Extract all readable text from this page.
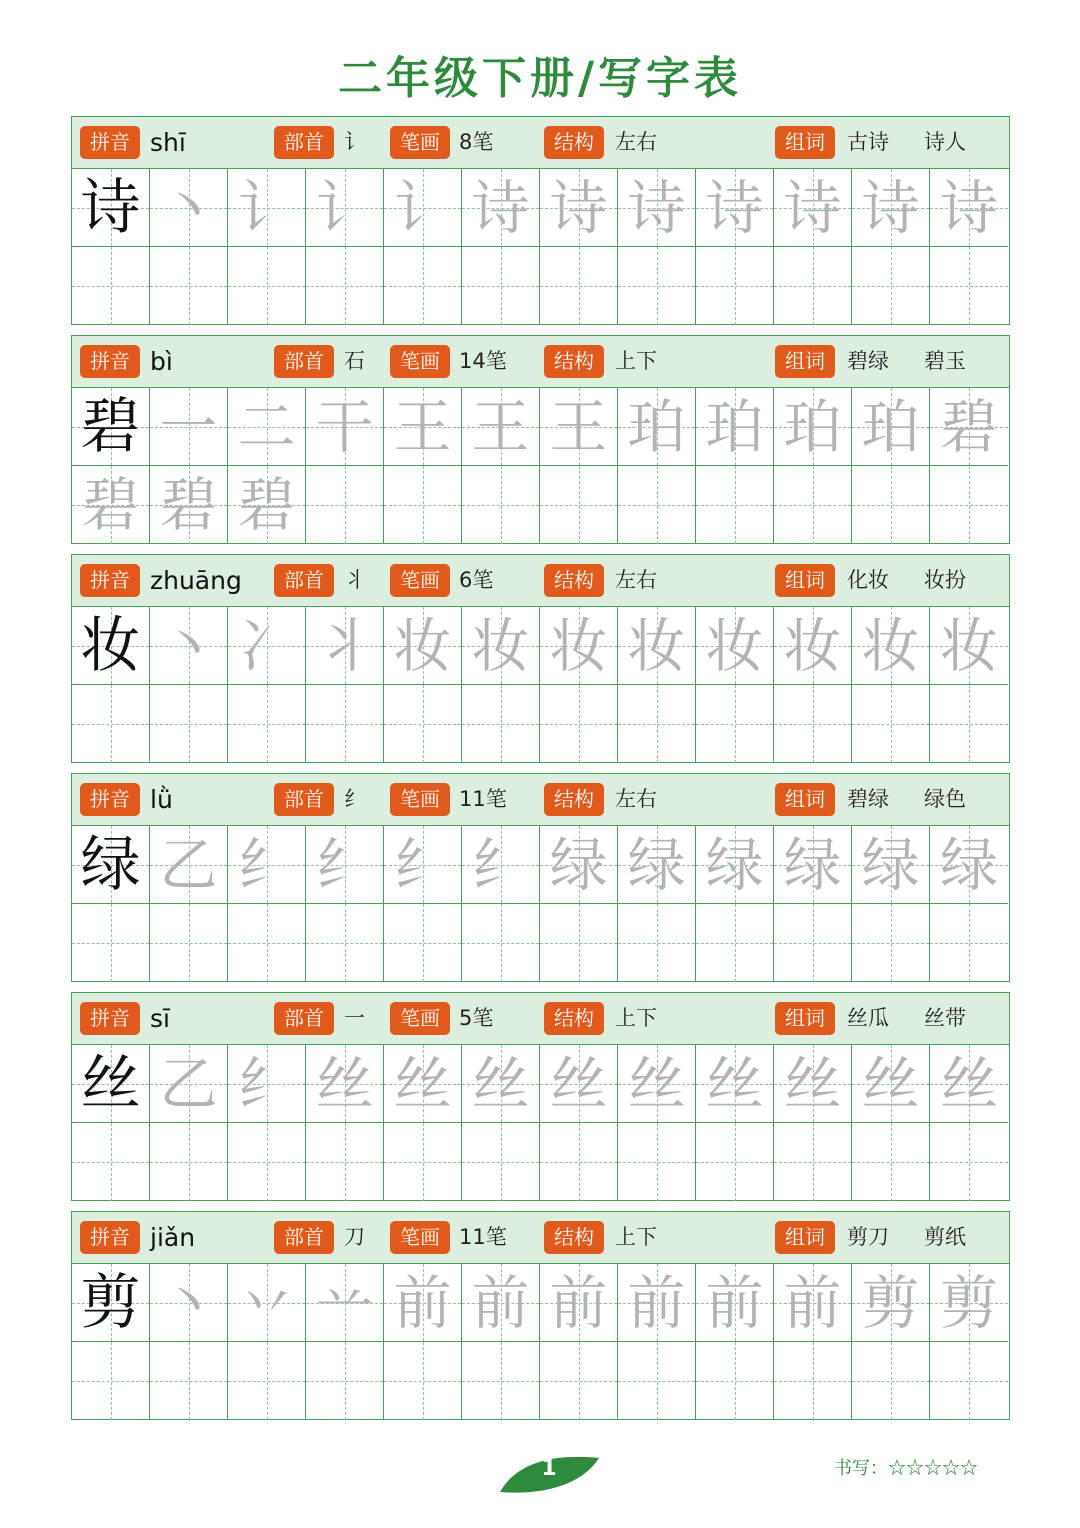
二年级下册/写字表
拼音 shī	部首 讠	笔画 8笔	结构	左右	组词	古诗 诗人
诗 丶 讠 讠 讠 诗 诗 诗 诗 诗 诗 诗
拼音 bì	部首 石	笔画 14笔	结构	上下	组词	碧绿 碧玉
碧 一 二 干 王 王 王 珀 珀 珀 珀 碧
碧 碧 碧
拼音 zhuāng	部首 丬	笔画 6笔	结构	左右	组词	化妆 妆扮
妆 丶 冫 丬 妆 妆 妆 妆 妆 妆 妆 妆
拼音 lǜ	部首 纟	笔画 11笔	结构	左右	组词	碧绿 绿色
绿 乙 纟 纟 纟 纟 绿 绿 绿 绿 绿 绿
拼音 sī	部首 一	笔画 5笔	结构	上下	组词	丝瓜 丝带
丝 乙 纟 丝 丝 丝 丝 丝 丝 丝 丝 丝
拼音 jiǎn	部首 刀	笔画 11笔	结构	上下	组词	剪刀 剪纸
剪 丶 丷 䒑 前 前 前 前 前 前 剪 剪
1	书写：☆☆☆☆☆
